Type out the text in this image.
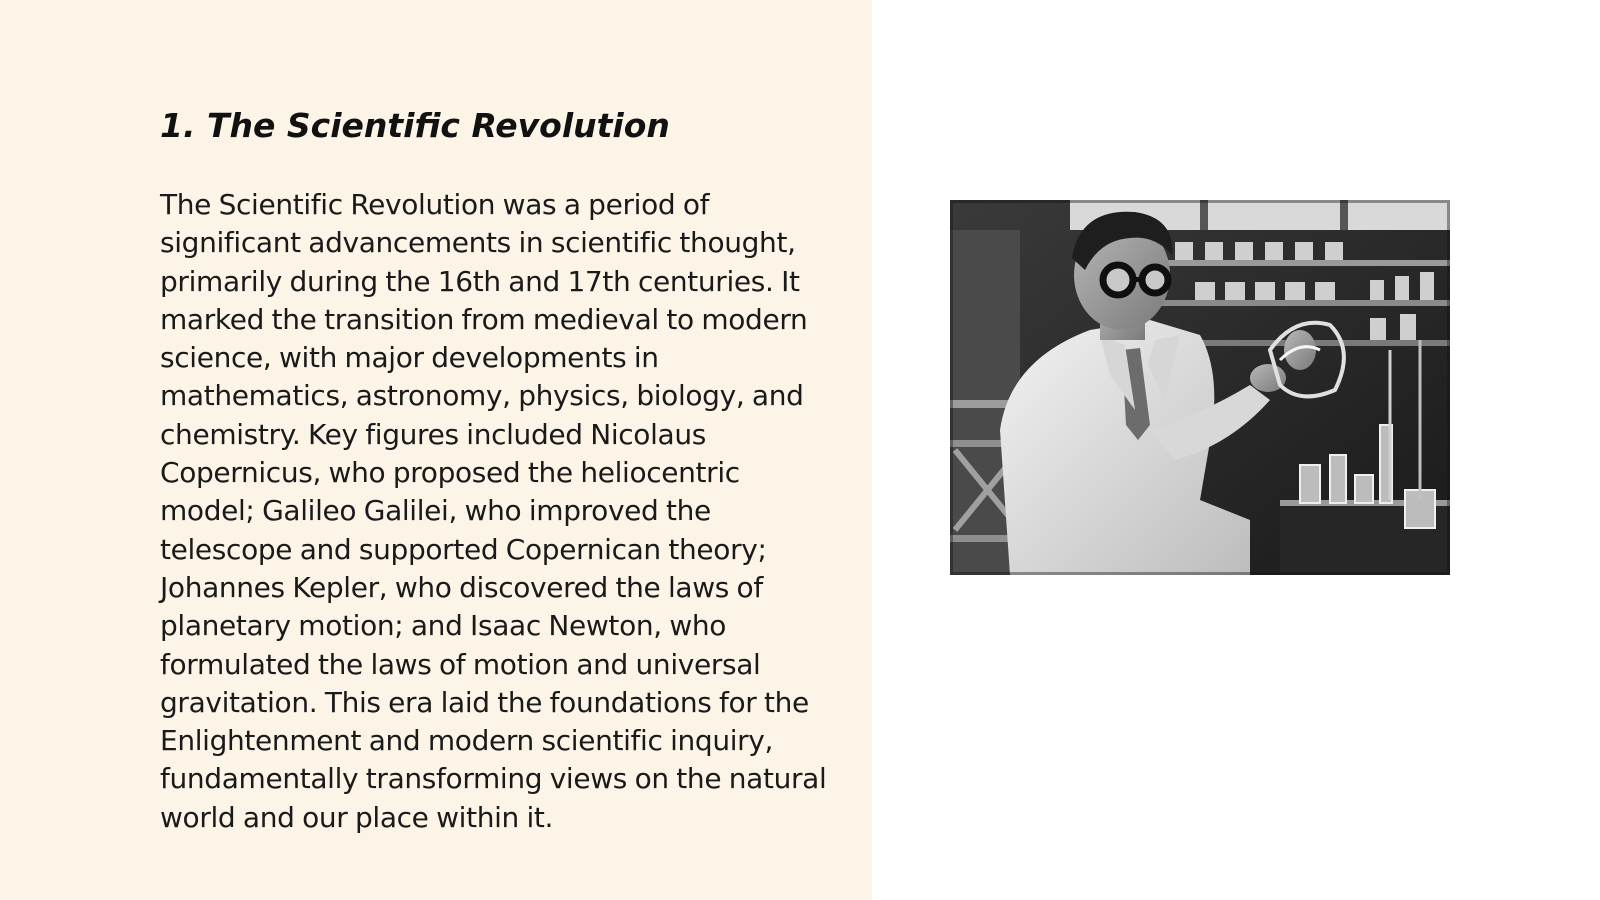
1. The Scientific Revolution

The Scientific Revolution was a period of significant advancements in scientific thought, primarily during the 16th and 17th centuries. It marked the transition from medieval to modern science, with major developments in mathematics, astronomy, physics, biology, and chemistry. Key figures included Nicolaus Copernicus, who proposed the heliocentric model; Galileo Galilei, who improved the telescope and supported Copernican theory; Johannes Kepler, who discovered the laws of planetary motion; and Isaac Newton, who formulated the laws of motion and universal gravitation. This era laid the foundations for the Enlightenment and modern scientific inquiry, fundamentally transforming views on the natural world and our place within it.
